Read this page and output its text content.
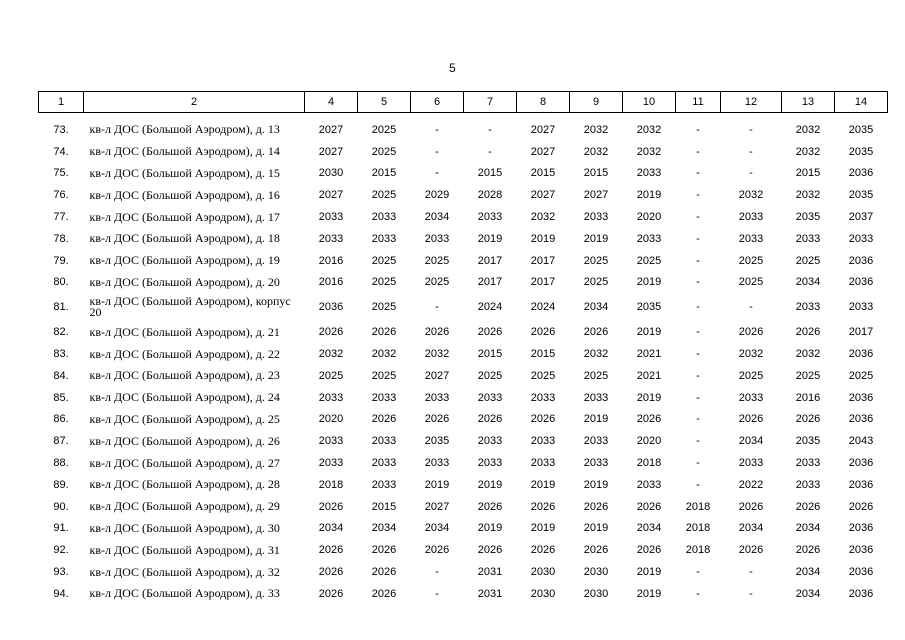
5
1	2	4	5	6	7	8	9	10	11	12	13	14
73.	кв-л ДОС (Большой Аэродром), д. 13	2027	2025	-	-	2027	2032	2032	-	-	2032	2035
74.	кв-л ДОС (Большой Аэродром), д. 14	2027	2025	-	-	2027	2032	2032	-	-	2032	2035
75.	кв-л ДОС (Большой Аэродром), д. 15	2030	2015	-	2015	2015	2015	2033	-	-	2015	2036
76.	кв-л ДОС (Большой Аэродром), д. 16	2027	2025	2029	2028	2027	2027	2019	-	2032	2032	2035
77.	кв-л ДОС (Большой Аэродром), д. 17	2033	2033	2034	2033	2032	2033	2020	-	2033	2035	2037
78.	кв-л ДОС (Большой Аэродром), д. 18	2033	2033	2033	2019	2019	2019	2033	-	2033	2033	2033
79.	кв-л ДОС (Большой Аэродром), д. 19	2016	2025	2025	2017	2017	2025	2025	-	2025	2025	2036
80.	кв-л ДОС (Большой Аэродром), д. 20	2016	2025	2025	2017	2017	2025	2019	-	2025	2034	2036
81.	кв-л ДОС (Большой Аэродром), корпус 20	2036	2025	-	2024	2024	2034	2035	-	-	2033	2033
82.	кв-л ДОС (Большой Аэродром), д. 21	2026	2026	2026	2026	2026	2026	2019	-	2026	2026	2017
83.	кв-л ДОС (Большой Аэродром), д. 22	2032	2032	2032	2015	2015	2032	2021	-	2032	2032	2036
84.	кв-л ДОС (Большой Аэродром), д. 23	2025	2025	2027	2025	2025	2025	2021	-	2025	2025	2025
85.	кв-л ДОС (Большой Аэродром), д. 24	2033	2033	2033	2033	2033	2033	2019	-	2033	2016	2036
86.	кв-л ДОС (Большой Аэродром), д. 25	2020	2026	2026	2026	2026	2019	2026	-	2026	2026	2036
87.	кв-л ДОС (Большой Аэродром), д. 26	2033	2033	2035	2033	2033	2033	2020	-	2034	2035	2043
88.	кв-л ДОС (Большой Аэродром), д. 27	2033	2033	2033	2033	2033	2033	2018	-	2033	2033	2036
89.	кв-л ДОС (Большой Аэродром), д. 28	2018	2033	2019	2019	2019	2019	2033	-	2022	2033	2036
90.	кв-л ДОС (Большой Аэродром), д. 29	2026	2015	2027	2026	2026	2026	2026	2018	2026	2026	2026
91.	кв-л ДОС (Большой Аэродром), д. 30	2034	2034	2034	2019	2019	2019	2034	2018	2034	2034	2036
92.	кв-л ДОС (Большой Аэродром), д. 31	2026	2026	2026	2026	2026	2026	2026	2018	2026	2026	2036
93.	кв-л ДОС (Большой Аэродром), д. 32	2026	2026	-	2031	2030	2030	2019	-	-	2034	2036
94.	кв-л ДОС (Большой Аэродром), д. 33	2026	2026	-	2031	2030	2030	2019	-	-	2034	2036
